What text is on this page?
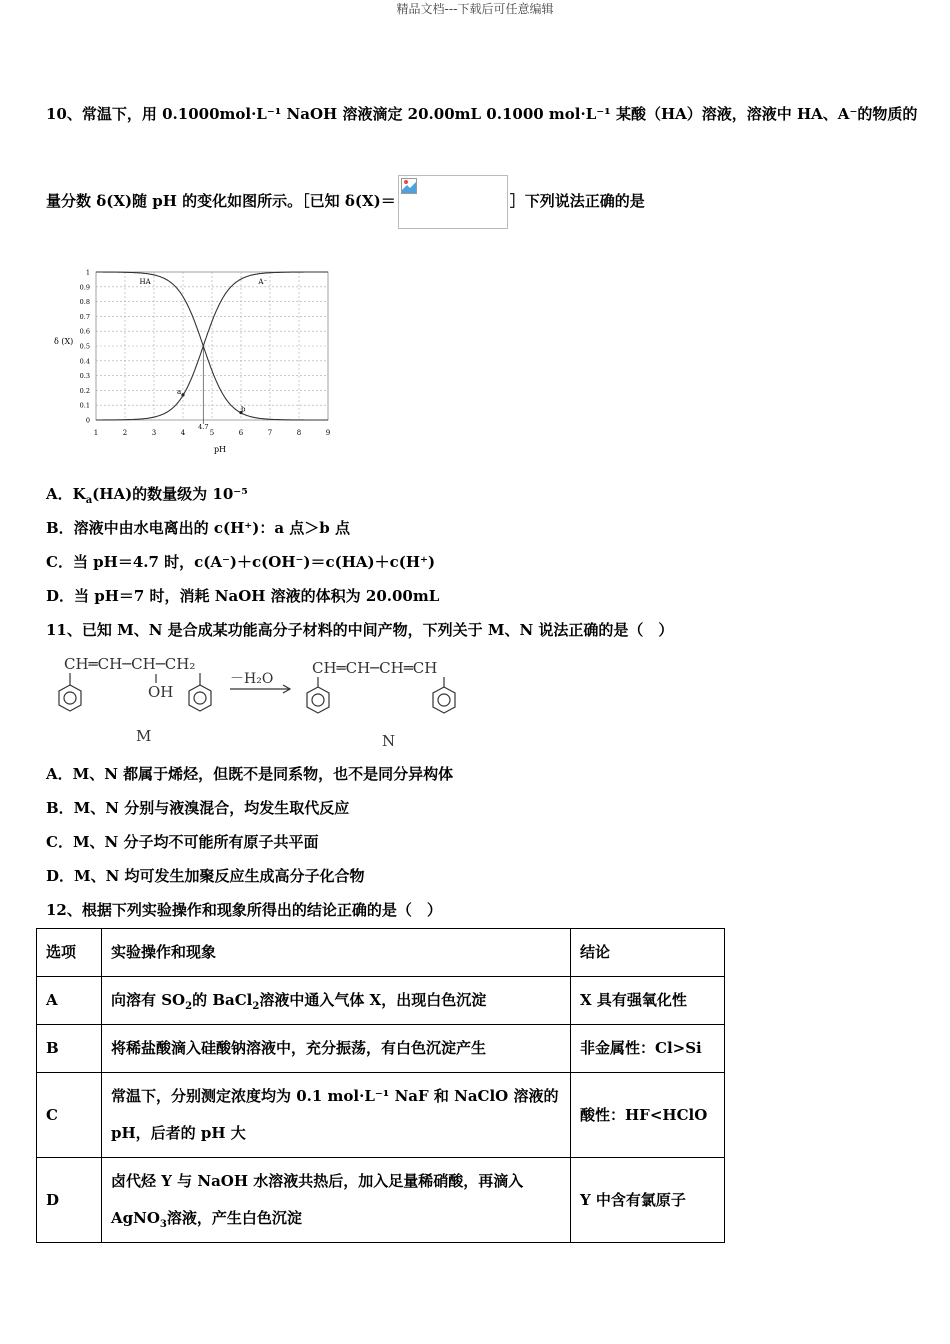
精品文档---下载后可任意编辑
10、常温下，用 0.1000mol·L⁻¹ NaOH 溶液滴定 20.00mL 0.1000 mol·L⁻¹ 某酸（HA）溶液，溶液中 HA、A⁻的物质的
量分数 δ(X)随 pH 的变化如图所示。［已知 δ(X)＝	］下列说法正确的是
1	2	3	4	5	6	7	8	9
0
0.1
0.2
0.3
0.4
0.5
0.6
0.7
0.8
0.9
1
4.7
HA	A⁻
a
b
δ (X)
pH
A．$K_a(HA)$的数量级为 10⁻⁵
B．溶液中由水电离出的 c(H⁺)：a 点＞b 点
C．当 pH＝4.7 时，c(A⁻)＋c(OH⁻)＝c(HA)＋c(H⁺)
D．当 pH＝7 时，消耗 NaOH 溶液的体积为 20.00mL
11、已知 M、N 是合成某功能高分子材料的中间产物，下列关于 M、N 说法正确的是（　）
CH═CH─CH─CH₂
OH
－H₂O
CH═CH─CH═CH
M	N
A．M、N 都属于烯烃，但既不是同系物，也不是同分异构体
B．M、N 分别与液溴混合，均发生取代反应
C．M、N 分子均不可能所有原子共平面
D．M、N 均可发生加聚反应生成高分子化合物
12、根据下列实验操作和现象所得出的结论正确的是（　）
选项	实验操作和现象	结论
A	向溶有 $SO_2$的 BaCl$_2$溶液中通入气体 X，出现白色沉淀	X 具有强氧化性
B	将稀盐酸滴入硅酸钠溶液中，充分振荡，有白色沉淀产生	非金属性：Cl>Si
C	常温下，分别测定浓度均为 0.1 mol·L⁻¹ NaF 和 NaClO 溶液的
pH，后者的 pH 大	酸性：HF<HClO
D	卤代烃 Y 与 NaOH 水溶液共热后，加入足量稀硝酸，再滴入
AgNO$_3$溶液，产生白色沉淀	Y 中含有氯原子
